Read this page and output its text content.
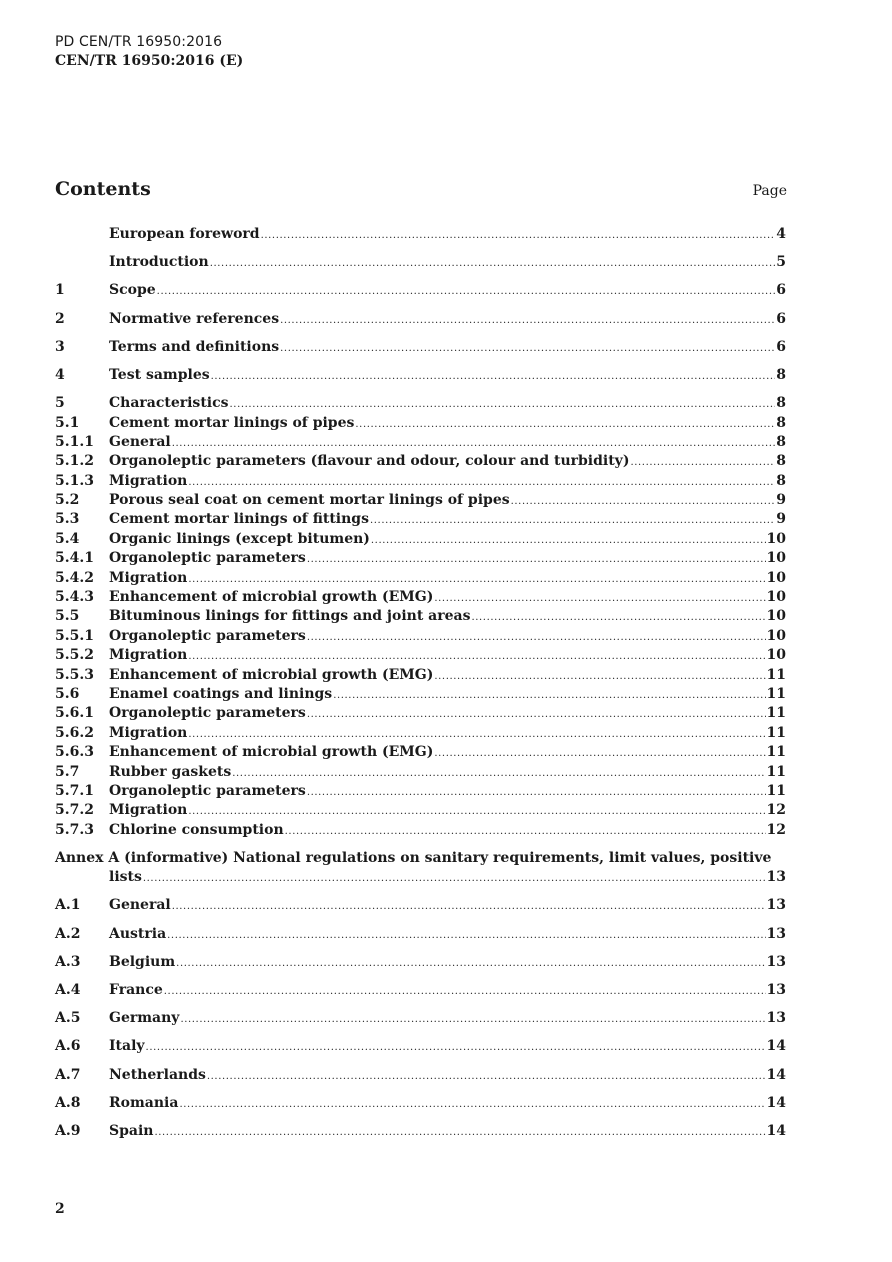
PD CEN/TR 16950:2016
CEN/TR 16950:2016 (E)
Contents	Page
European foreword .....	4
Introduction .....	5
1	Scope .....	6
2	Normative references .....	6
3	Terms and definitions .....	6
4	Test samples .....	8
5	Characteristics .....	8
5.1	Cement mortar linings of pipes .....	8
5.1.1	General .....	8
5.1.2	Organoleptic parameters (flavour and odour, colour and turbidity) .....	8
5.1.3	Migration .....	8
5.2	Porous seal coat on cement mortar linings of pipes .....	9
5.3	Cement mortar linings of fittings .....	9
5.4	Organic linings (except bitumen) .....	10
5.4.1	Organoleptic parameters .....	10
5.4.2	Migration .....	10
5.4.3	Enhancement of microbial growth (EMG) .....	10
5.5	Bituminous linings for fittings and joint areas .....	10
5.5.1	Organoleptic parameters .....	10
5.5.2	Migration .....	10
5.5.3	Enhancement of microbial growth (EMG) .....	11
5.6	Enamel coatings and linings .....	11
5.6.1	Organoleptic parameters .....	11
5.6.2	Migration .....	11
5.6.3	Enhancement of microbial growth (EMG) .....	11
5.7	Rubber gaskets .....	11
5.7.1	Organoleptic parameters .....	11
5.7.2	Migration .....	12
5.7.3	Chlorine consumption .....	12
Annex A (informative) National regulations on sanitary requirements, limit values, positive
lists .....	13
A.1	General .....	13
A.2	Austria .....	13
A.3	Belgium .....	13
A.4	France .....	13
A.5	Germany .....	13
A.6	Italy .....	14
A.7	Netherlands .....	14
A.8	Romania .....	14
A.9	Spain .....	14
2
